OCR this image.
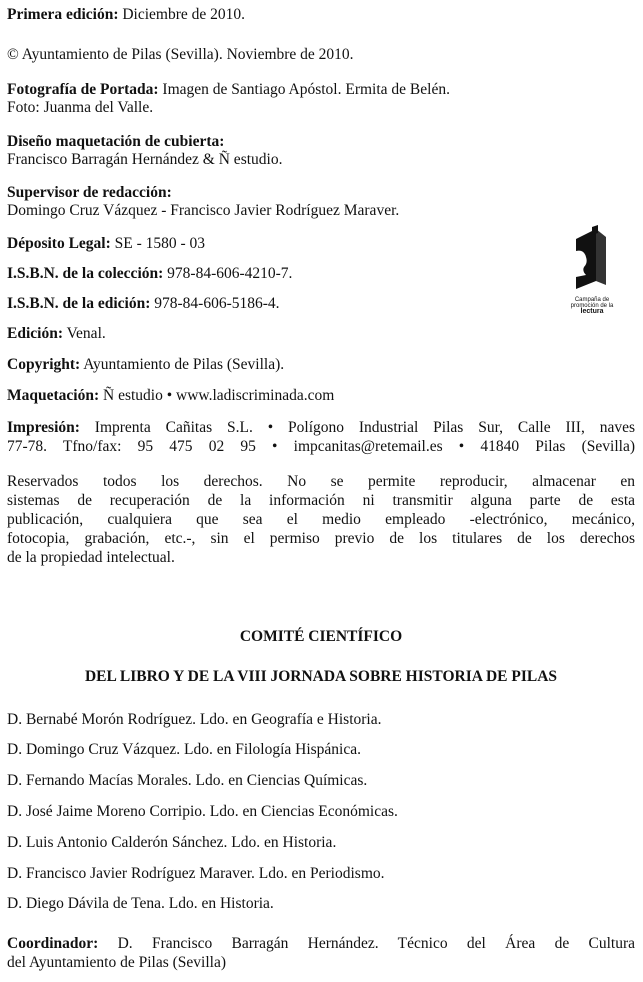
Primera edición: Diciembre de 2010.
© Ayuntamiento de Pilas (Sevilla). Noviembre de 2010.
Fotografía de Portada: Imagen de Santiago Apóstol. Ermita de Belén.
Foto: Juanma del Valle.
Diseño maquetación de cubierta:
Francisco Barragán Hernández & Ñ estudio.
Supervisor de redacción:
Domingo Cruz Vázquez - Francisco Javier Rodríguez Maraver.
Déposito Legal: SE - 1580 - 03
I.S.B.N. de la colección: 978-84-606-4210-7.
I.S.B.N. de la edición: 978-84-606-5186-4.
Edición: Venal.
Copyright: Ayuntamiento de Pilas (Sevilla).
Maquetación: Ñ estudio • www.ladiscriminada.com
Impresión: Imprenta Cañitas S.L. • Polígono Industrial Pilas Sur, Calle III, naves
77-78. Tfno/fax: 95 475 02 95 • impcanitas@retemail.es • 41840 Pilas (Sevilla)
Reservados todos los derechos. No se permite reproducir, almacenar en
sistemas de recuperación de la información ni transmitir alguna parte de esta
publicación, cualquiera que sea el medio empleado -electrónico, mecánico,
fotocopia, grabación, etc.-, sin el permiso previo de los titulares de los derechos
de la propiedad intelectual.
COMITÉ CIENTÍFICO
DEL LIBRO Y DE LA VIII JORNADA SOBRE HISTORIA DE PILAS
D. Bernabé Morón Rodríguez. Ldo. en Geografía e Historia.
D. Domingo Cruz Vázquez. Ldo. en Filología Hispánica.
D. Fernando Macías Morales. Ldo. en Ciencias Químicas.
D. José Jaime Moreno Corripio. Ldo. en Ciencias Económicas.
D. Luis Antonio Calderón Sánchez. Ldo. en Historia.
D. Francisco Javier Rodríguez Maraver. Ldo. en Periodismo.
D. Diego Dávila de Tena. Ldo. en Historia.
Coordinador: D. Francisco Barragán Hernández. Técnico del Área de Cultura
del Ayuntamiento de Pilas (Sevilla)
Campaña de
promoción de la
lectura
